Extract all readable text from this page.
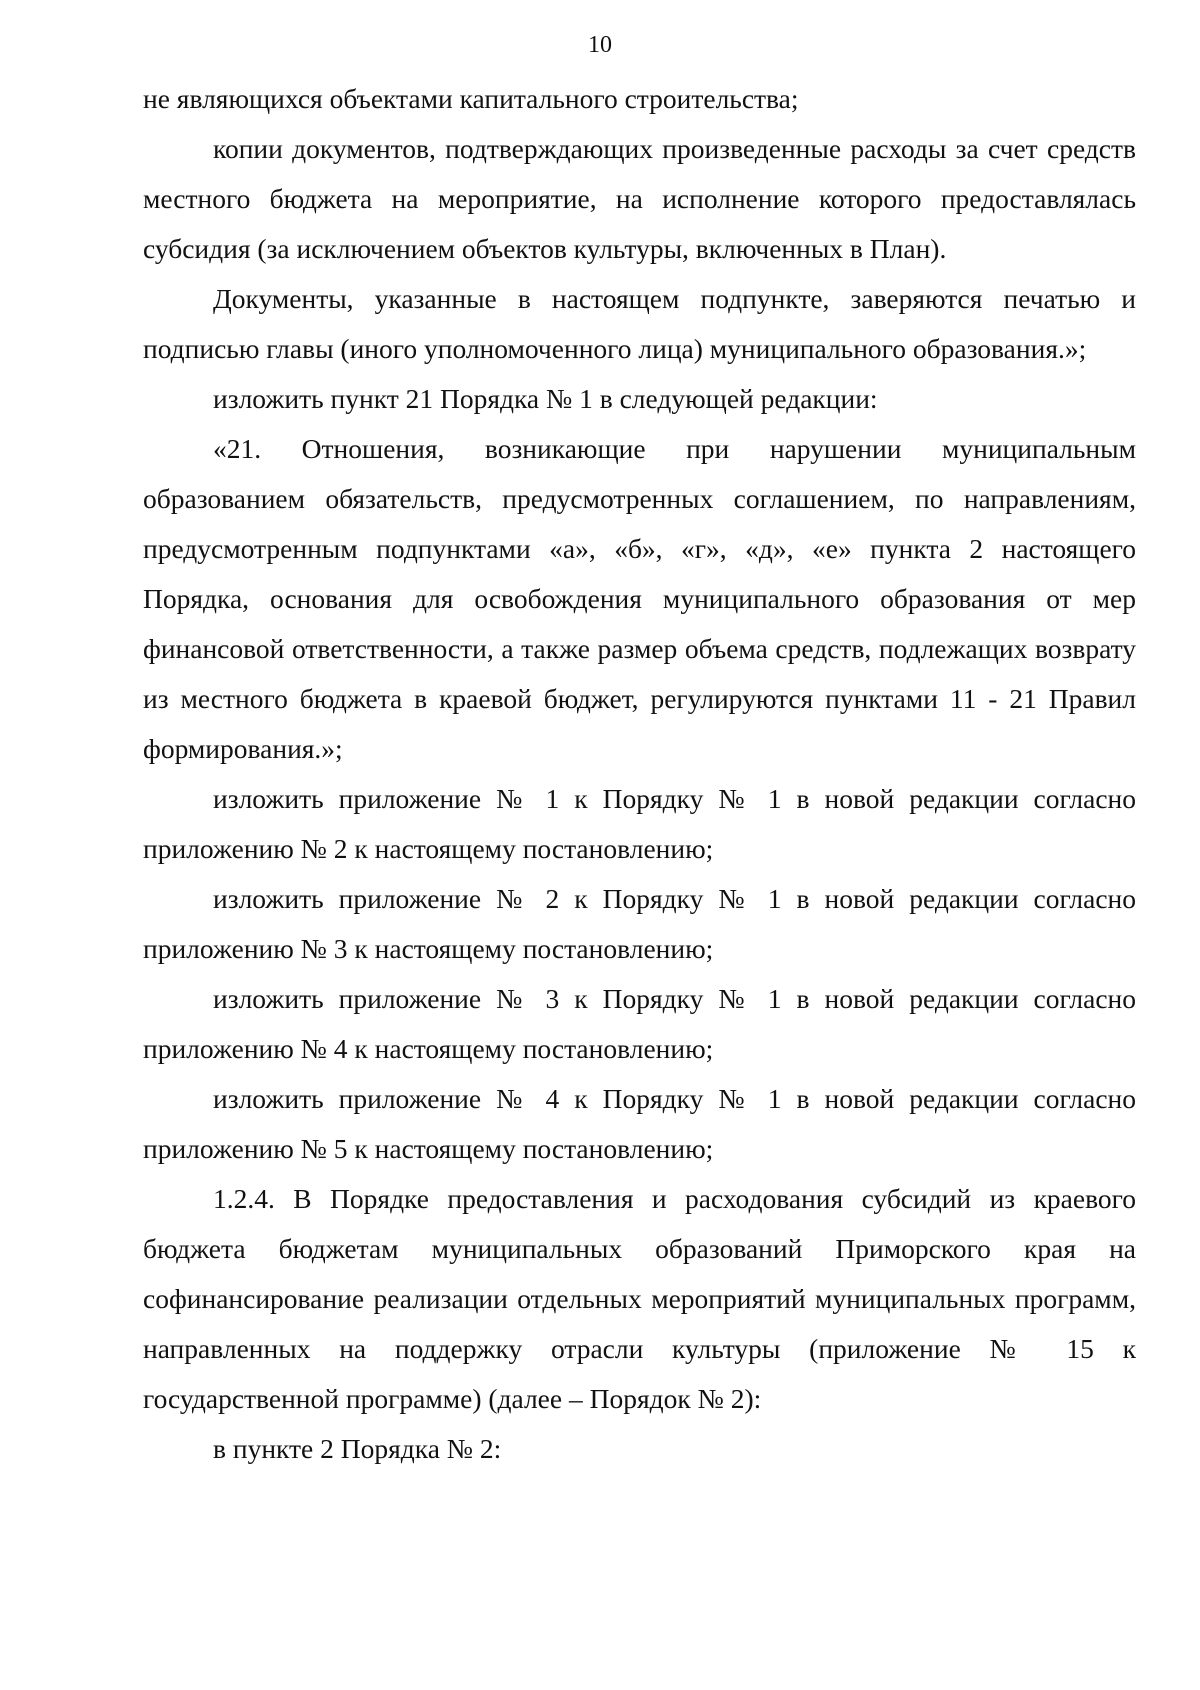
10

не являющихся объектами капитального строительства;

копии документов, подтверждающих произведенные расходы за счет средств местного бюджета на мероприятие, на исполнение которого предоставлялась субсидия (за исключением объектов культуры, включенных в План).

Документы, указанные в настоящем подпункте, заверяются печатью и подписью главы (иного уполномоченного лица) муниципального образования.»;

изложить пункт 21 Порядка № 1 в следующей редакции:

«21. Отношения, возникающие при нарушении муниципальным образованием обязательств, предусмотренных соглашением, по направлениям, предусмотренным подпунктами «а», «б», «г», «д», «е» пункта 2 настоящего Порядка, основания для освобождения муниципального образования от мер финансовой ответственности, а также размер объема средств, подлежащих возврату из местного бюджета в краевой бюджет, регулируются пунктами 11 - 21 Правил формирования.»;

изложить приложение № 1 к Порядку № 1 в новой редакции согласно приложению № 2 к настоящему постановлению;

изложить приложение № 2 к Порядку № 1 в новой редакции согласно приложению № 3 к настоящему постановлению;

изложить приложение № 3 к Порядку № 1 в новой редакции согласно приложению № 4 к настоящему постановлению;

изложить приложение № 4 к Порядку № 1 в новой редакции согласно приложению № 5 к настоящему постановлению;

1.2.4. В Порядке предоставления и расходования субсидий из краевого бюджета бюджетам муниципальных образований Приморского края на софинансирование реализации отдельных мероприятий муниципальных программ, направленных на поддержку отрасли культуры (приложение № 15 к государственной программе) (далее – Порядок № 2):

в пункте 2 Порядка № 2:
